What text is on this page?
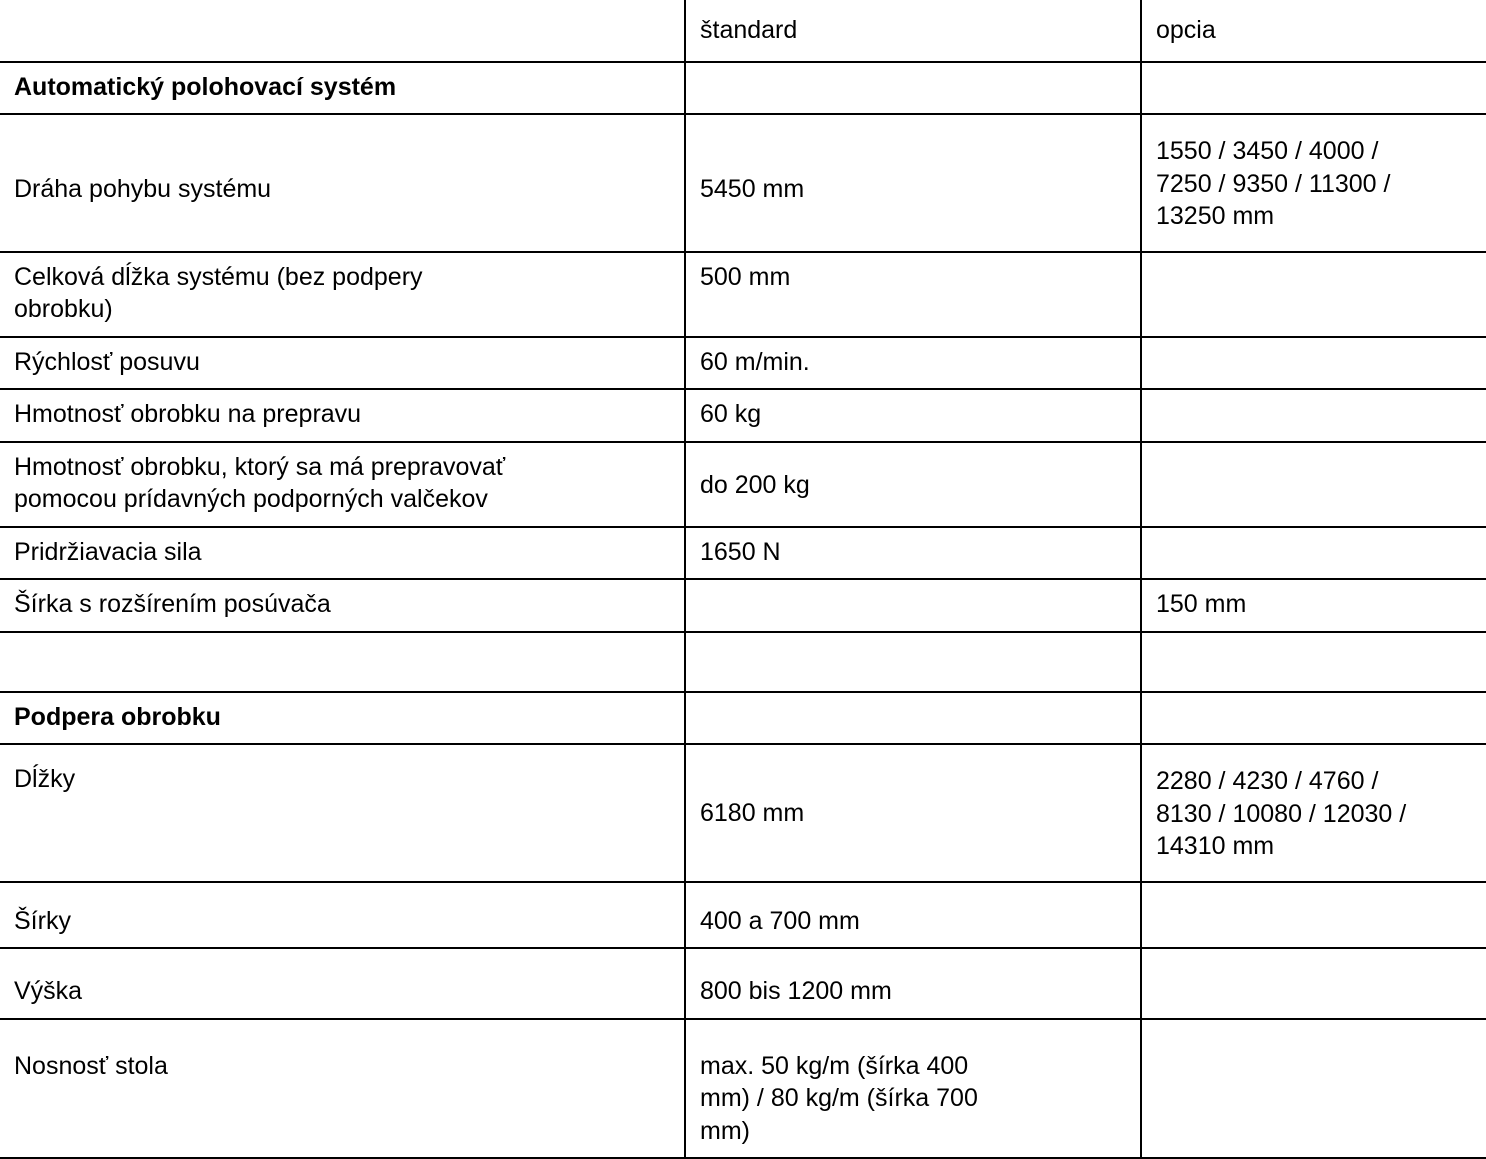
	štandard	opcia

Automatický polohovací systém		

Dráha pohybu systému	5450 mm	1550 / 3450 / 4000 /
7250 / 9350 / 11300 /
13250 mm

Celková dĺžka systému (bez podpery
obrobku)	500 mm	

Rýchlosť posuvu	60 m/min.	

Hmotnosť obrobku na prepravu	60 kg	

Hmotnosť obrobku, ktorý sa má prepravovať
pomocou prídavných podporných valčekov	do 200 kg	

Pridržiavacia sila	1650 N	

Šírka s rozšírením posúvača		150 mm

Podpera obrobku		

Dĺžky	6180 mm	2280 / 4230 / 4760 /
8130 / 10080 / 12030 /
14310 mm

Šírky	400 a 700 mm	

Výška	800 bis 1200 mm	

Nosnosť stola	max. 50 kg/m (šírka 400
mm) / 80 kg/m (šírka 700
mm)	
